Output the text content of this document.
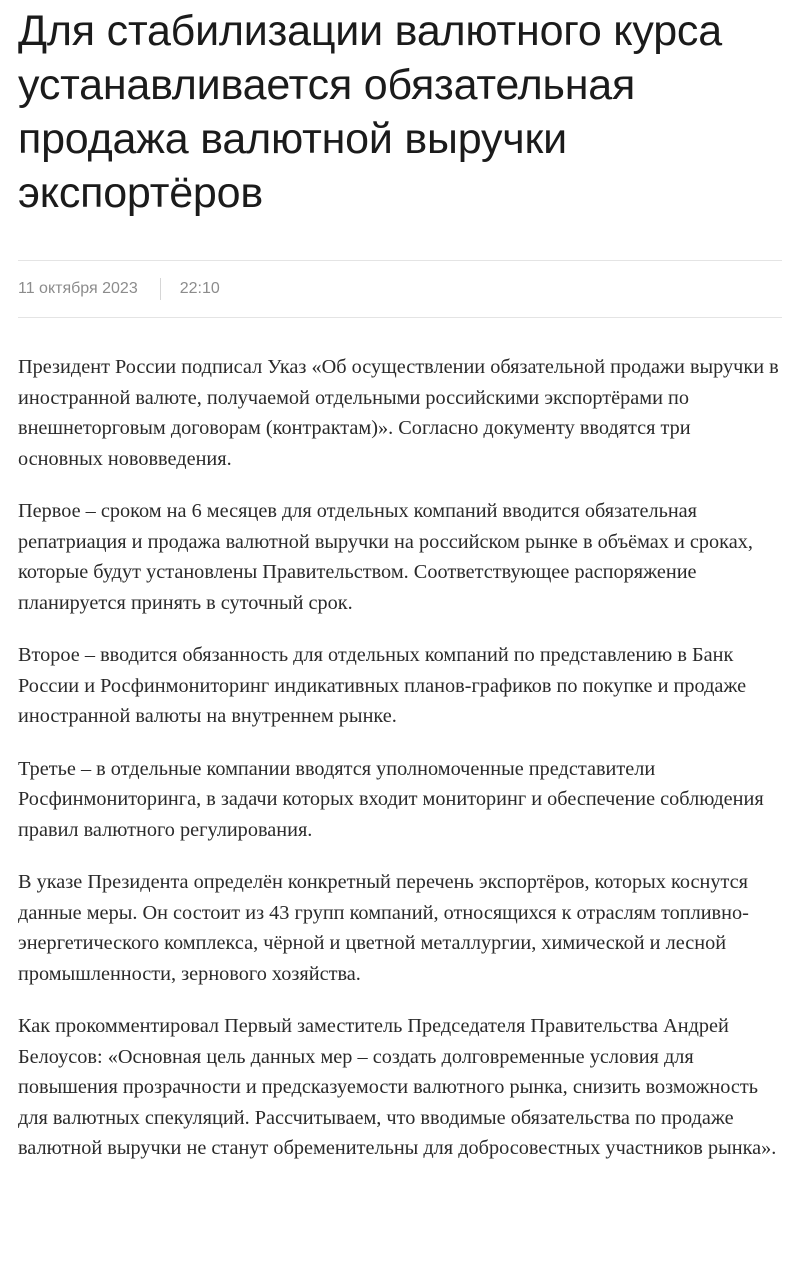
Для стабилизации валютного курса устанавливается обязательная продажа валютной выручки экспортёров
11 октября 2023	22:10

Президент России подписал Указ «Об осуществлении обязательной продажи выручки в иностранной валюте, получаемой отдельными российскими экспортёрами по внешнеторговым договорам (контрактам)». Согласно документу вводятся три основных нововведения.

Первое – сроком на 6 месяцев для отдельных компаний вводится обязательная репатриация и продажа валютной выручки на российском рынке в объёмах и сроках, которые будут установлены Правительством. Соответствующее распоряжение планируется принять в суточный срок.

Второе – вводится обязанность для отдельных компаний по представлению в Банк России и Росфинмониторинг индикативных планов-графиков по покупке и продаже иностранной валюты на внутреннем рынке.

Третье – в отдельные компании вводятся уполномоченные представители Росфинмониторинга, в задачи которых входит мониторинг и обеспечение соблюдения правил валютного регулирования.

В указе Президента определён конкретный перечень экспортёров, которых коснутся данные меры. Он состоит из 43 групп компаний, относящихся к отраслям топливно-энергетического комплекса, чёрной и цветной металлургии, химической и лесной промышленности, зернового хозяйства.

Как прокомментировал Первый заместитель Председателя Правительства Андрей Белоусов: «Основная цель данных мер – создать долговременные условия для повышения прозрачности и предсказуемости валютного рынка, снизить возможность для валютных спекуляций. Рассчитываем, что вводимые обязательства по продаже валютной выручки не станут обременительны для добросовестных участников рынка».
